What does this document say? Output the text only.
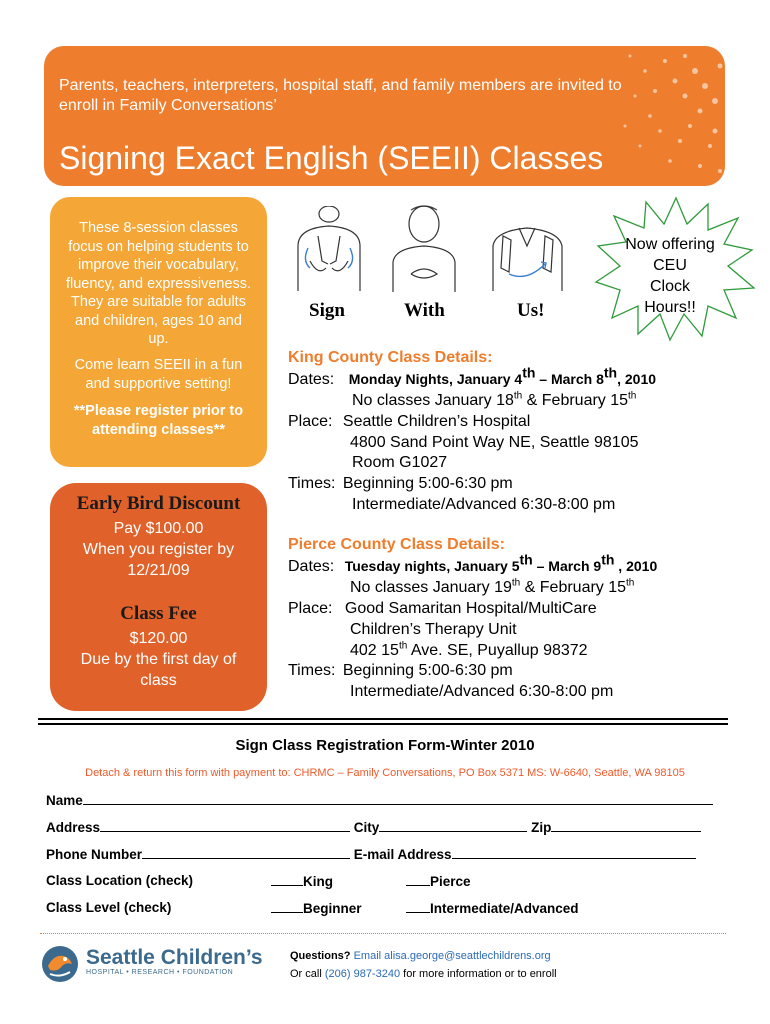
Parents, teachers, interpreters, hospital staff, and family members are invited to enroll in Family Conversations’
Signing Exact English (SEEII) Classes

These 8-session classes focus on helping students to improve their vocabulary, fluency, and expressiveness. They are suitable for adults and children, ages 10 and up.

Come learn SEEII in a fun and supportive setting!

**Please register prior to attending classes**

Early Bird Discount

Pay $100.00

When you register by

12/21/09

Class Fee

$120.00

Due by the first day of

class

Sign	With	Us!
Now offering
CEU
Clock
Hours!!
King County Class Details:
Dates: Monday Nights, January 4th – March 8th, 2010
No classes January 18th & February 15th
Place: Seattle Children’s Hospital
4800 Sand Point Way NE, Seattle 98105
Room G1027
Times: Beginning 5:00-6:30 pm
Intermediate/Advanced 6:30-8:00 pm
Pierce County Class Details:
Dates: Tuesday nights, January 5th – March 9th , 2010
No classes January 19th & February 15th
Place: Good Samaritan Hospital/MultiCare
Children’s Therapy Unit
402 15th Ave. SE, Puyallup 98372
Times: Beginning 5:00-6:30 pm
Intermediate/Advanced 6:30-8:00 pm
Sign Class Registration Form-Winter 2010
Detach & return this form with payment to: CHRMC – Family Conversations, PO Box 5371 MS: W-6640, Seattle, WA 98105
Name
Address	City	Zip
Phone Number	E-mail Address
Class Location (check)	King	Pierce
Class Level (check)	Beginner	Intermediate/Advanced
Seattle Children’s
HOSPITAL • RESEARCH • FOUNDATION
Questions? Email alisa.george@seattlechildrens.org
Or call (206) 987-3240 for more information or to enroll
